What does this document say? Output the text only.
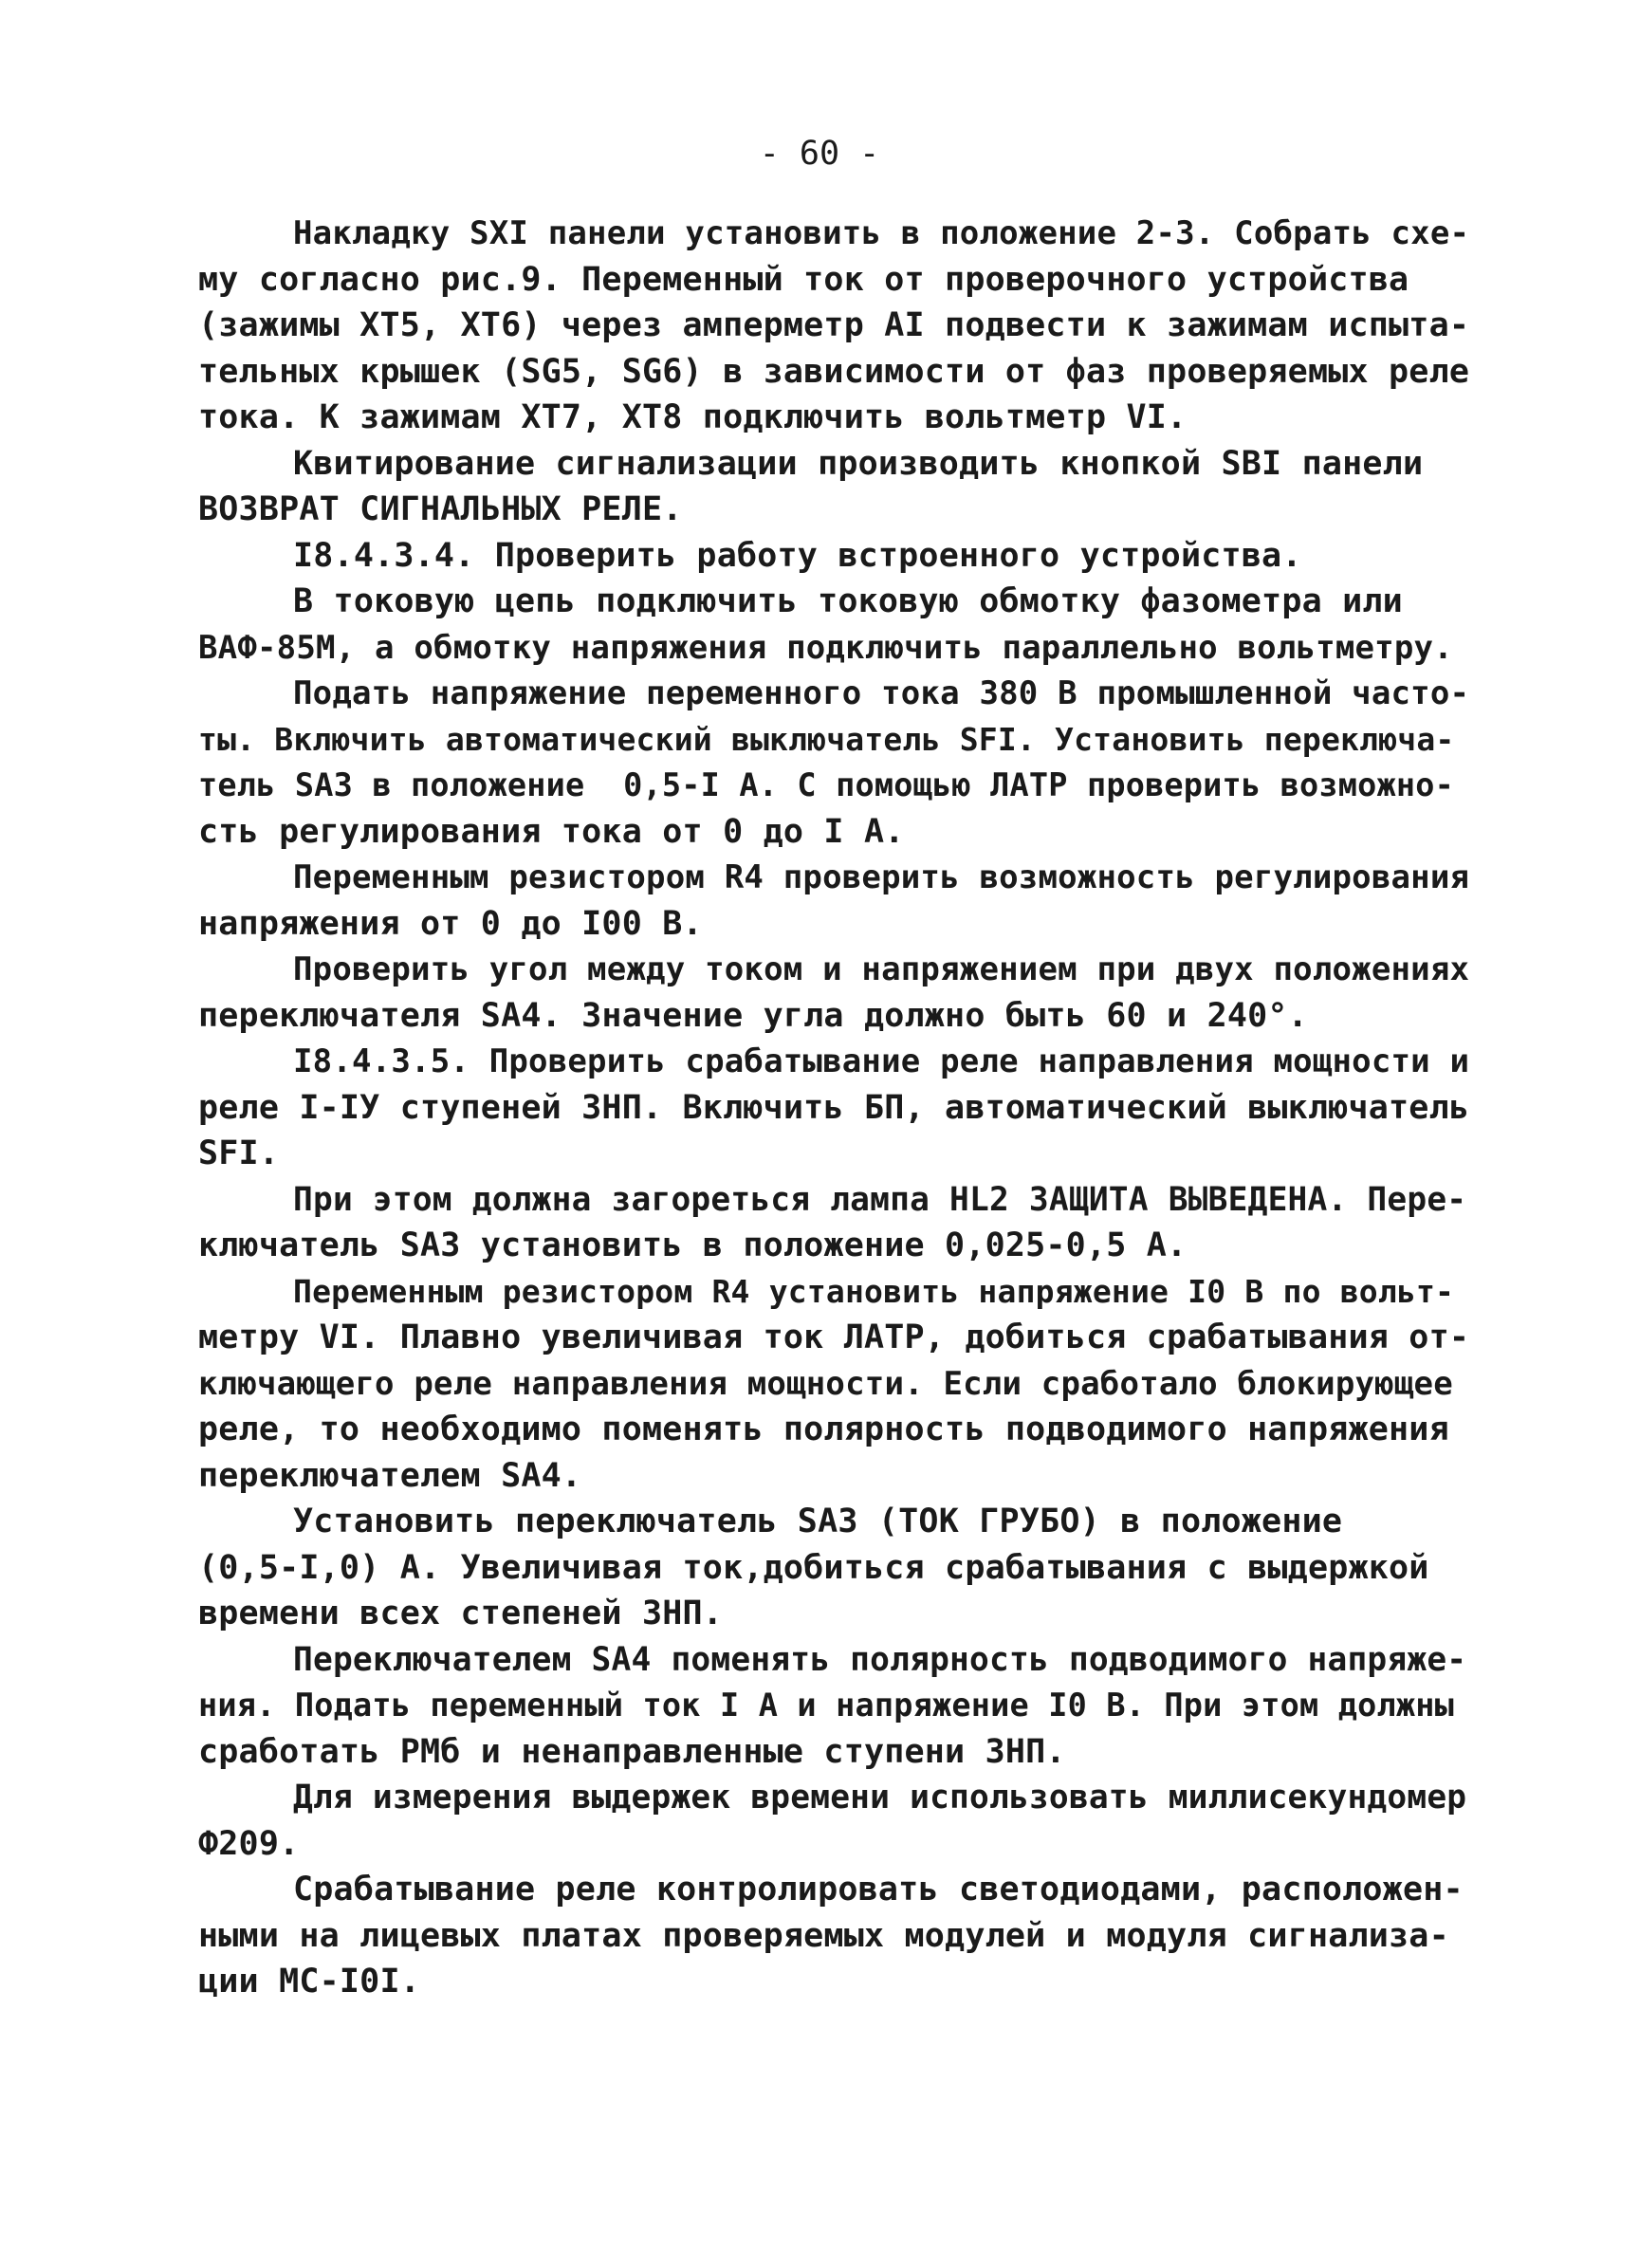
- 60 -
Накладку SXI панели установить в положение 2-3. Собрать схе-
му согласно рис.9. Переменный ток от проверочного устройства
(зажимы XT5, XT6) через амперметр AI подвести к зажимам испыта-
тельных крышек (SG5, SG6) в зависимости от фаз проверяемых реле
тока. К зажимам XT7, XT8 подключить вольтметр VI.
Квитирование сигнализации производить кнопкой SBI панели
ВОЗВРАТ СИГНАЛЬНЫХ РЕЛЕ.
I8.4.3.4. Проверить работу встроенного устройства.
В токовую цепь подключить токовую обмотку фазометра или
ВАФ-85М, а обмотку напряжения подключить параллельно вольтметру.
Подать напряжение переменного тока 380 В промышленной часто-
ты. Включить автоматический выключатель SFI. Установить переключа-
тель SA3 в положение  0,5-I А. С помощью ЛАТР проверить возможно-
сть регулирования тока от 0 до I А.
Переменным резистором R4 проверить возможность регулирования
напряжения от 0 до I00 В.
Проверить угол между током и напряжением при двух положениях
переключателя SA4. Значение угла должно быть 60 и 240°.
I8.4.3.5. Проверить срабатывание реле направления мощности и
реле I-IУ ступеней ЗНП. Включить БП, автоматический выключатель
SFI.
При этом должна загореться лампа HL2 ЗАЩИТА ВЫВЕДЕНА. Пере-
ключатель SA3 установить в положение 0,025-0,5 А.
Переменным резистором R4 установить напряжение I0 В по вольт-
метру VI. Плавно увеличивая ток ЛАТР, добиться срабатывания от-
ключающего реле направления мощности. Если сработало блокирующее
реле, то необходимо поменять полярность подводимого напряжения
переключателем SA4.
Установить переключатель SA3 (ТОК ГРУБО) в положение
(0,5-I,0) А. Увеличивая ток,добиться срабатывания с выдержкой
времени всех степеней ЗНП.
Переключателем SA4 поменять полярность подводимого напряже-
ния. Подать переменный ток I А и напряжение I0 В. При этом должны
сработать РМб и ненаправленные ступени ЗНП.
Для измерения выдержек времени использовать миллисекундомер
Ф209.
Срабатывание реле контролировать светодиодами, расположен-
ными на лицевых платах проверяемых модулей и модуля сигнализа-
ции МС-I0I.
